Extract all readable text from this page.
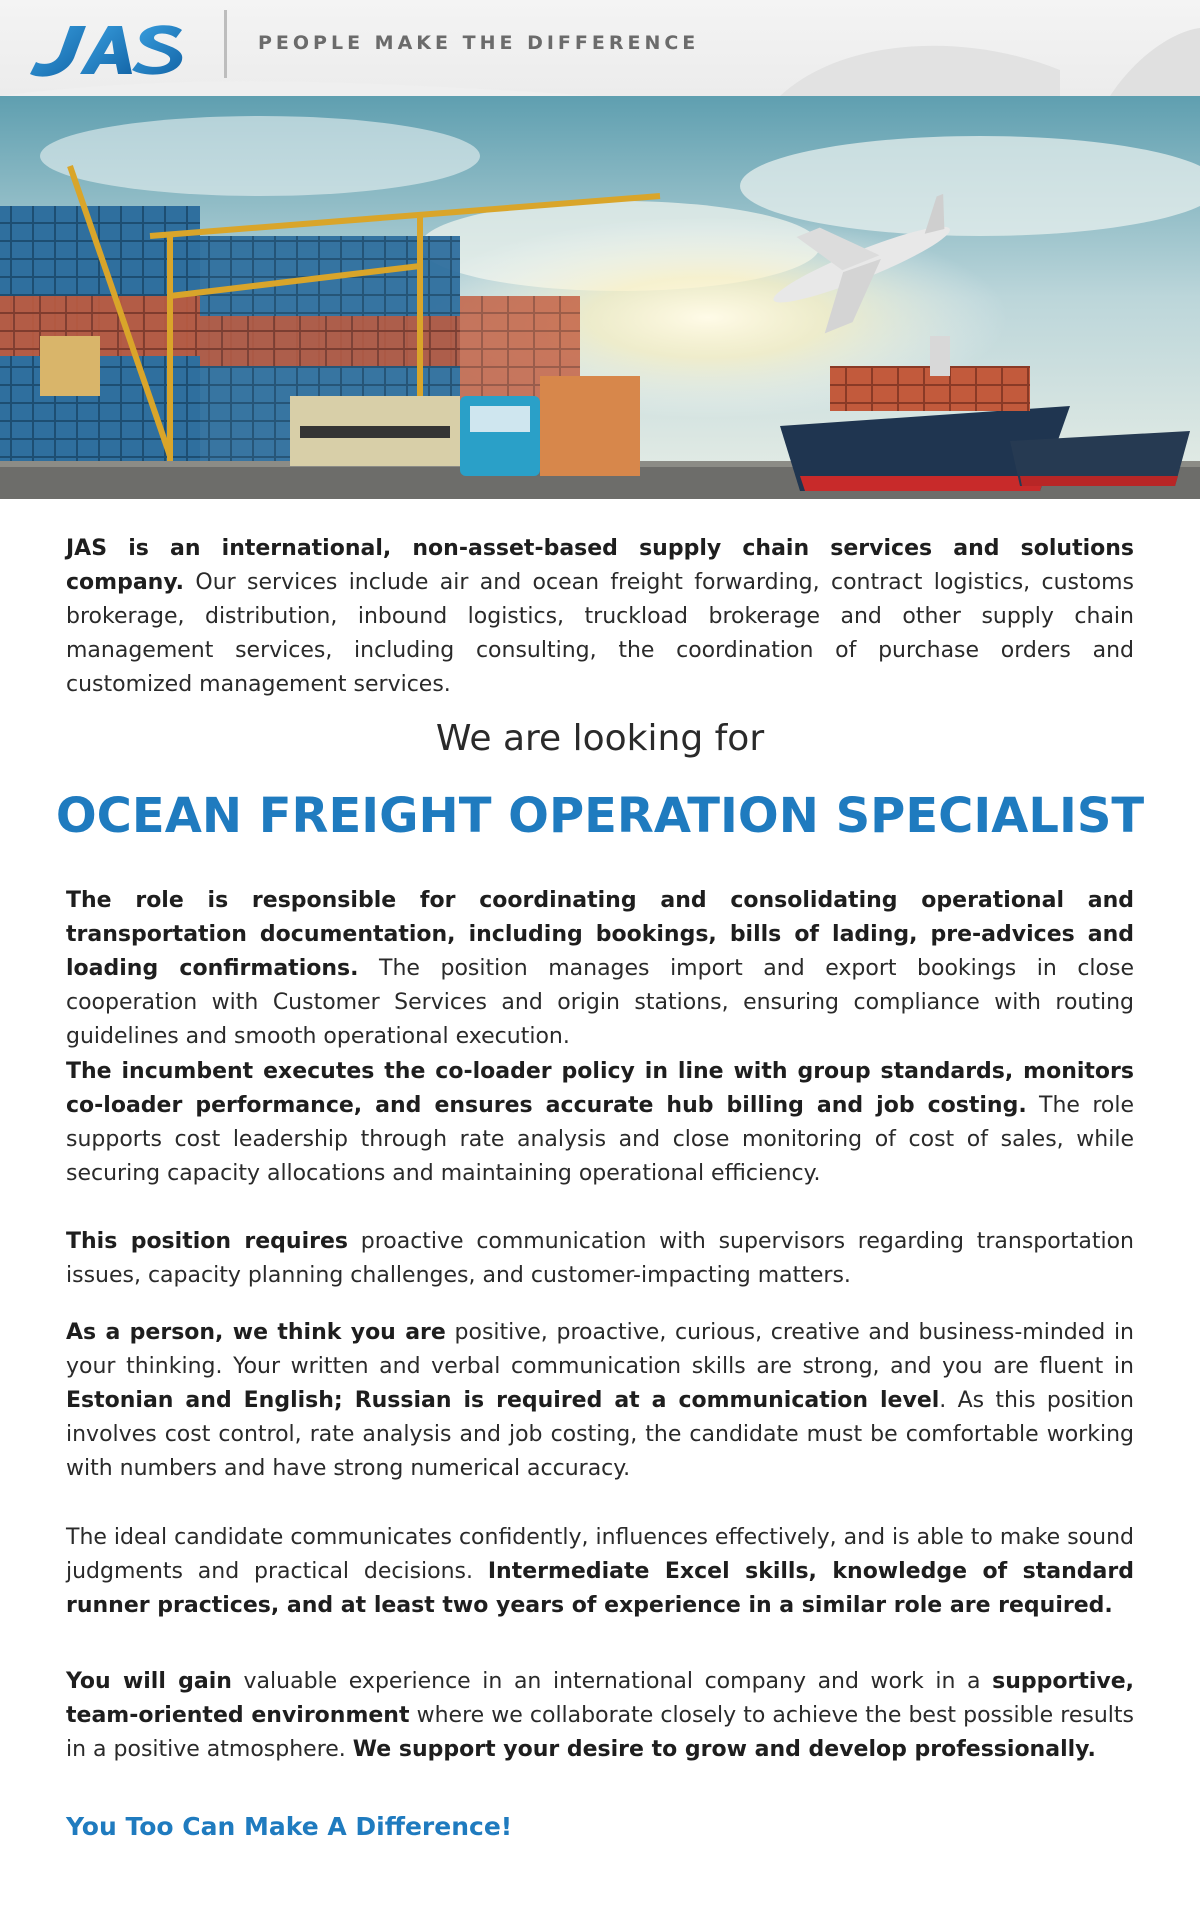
JAS
PEOPLE MAKE THE DIFFERENCE

JAS is an international, non-asset-based supply chain services and solutions company. Our services include air and ocean freight forwarding, contract logistics, customs brokerage, distribution, inbound logistics, truckload brokerage and other supply chain management services, including consulting, the coordination of purchase orders and customized management services.

We are looking for

OCEAN FREIGHT OPERATION SPECIALIST

The role is responsible for coordinating and consolidating operational and transportation documentation, including bookings, bills of lading, pre-advices and loading confirmations. The position manages import and export bookings in close cooperation with Customer Services and origin stations, ensuring compliance with routing guidelines and smooth operational execution.

The incumbent executes the co-loader policy in line with group standards, monitors co-loader performance, and ensures accurate hub billing and job costing. The role supports cost leadership through rate analysis and close monitoring of cost of sales, while securing capacity allocations and maintaining operational efficiency.

This position requires proactive communication with supervisors regarding transportation issues, capacity planning challenges, and customer-impacting matters.

As a person, we think you are positive, proactive, curious, creative and business-minded in your thinking. Your written and verbal communication skills are strong, and you are fluent in Estonian and English; Russian is required at a communication level. As this position involves cost control, rate analysis and job costing, the candidate must be comfortable working with numbers and have strong numerical accuracy.

The ideal candidate communicates confidently, influences effectively, and is able to make sound judgments and practical decisions. Intermediate Excel skills, knowledge of standard runner practices, and at least two years of experience in a similar role are required.

You will gain valuable experience in an international company and work in a supportive, team-oriented environment where we collaborate closely to achieve the best possible results in a positive atmosphere. We support your desire to grow and develop professionally.

You Too Can Make A Difference!
